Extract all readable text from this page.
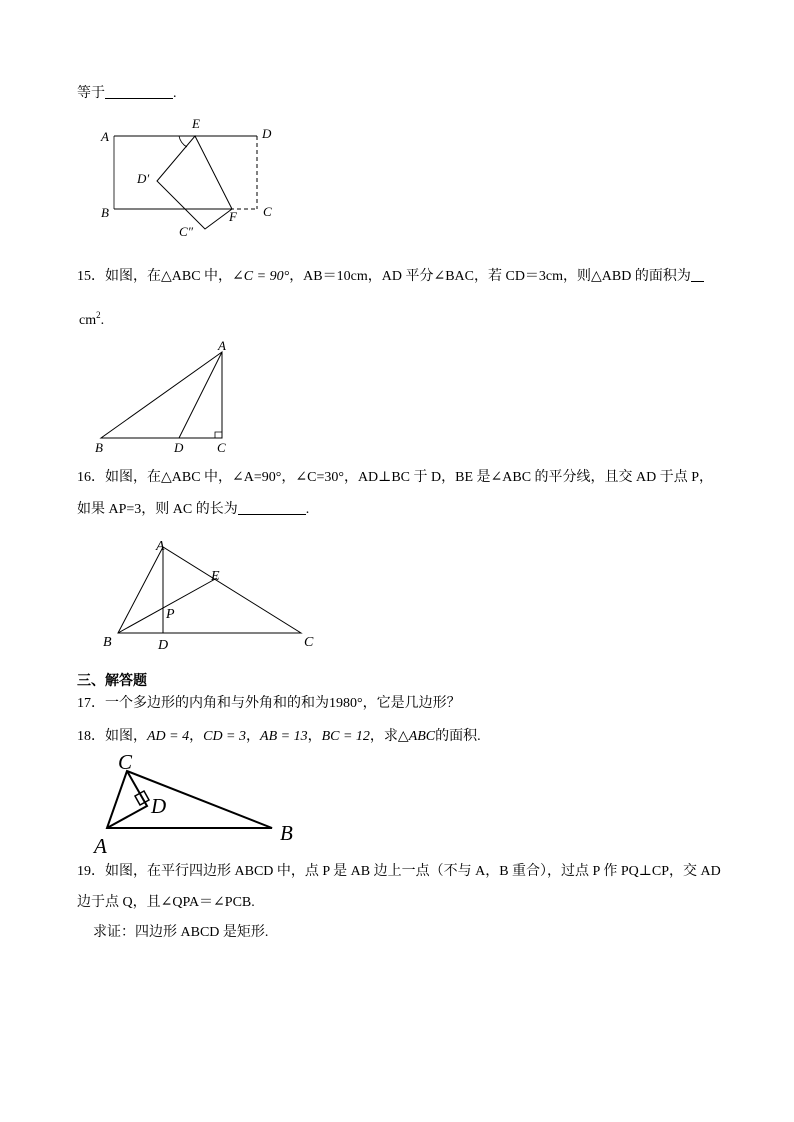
等于	.
A
E
D
D′
B	F C
C″
15．如图，在△ABC 中，∠C = 90°，AB＝10cm，AD 平分∠BAC，若 CD＝3cm，则△ABD 的面积为
$cm^2$.
A
B	D	C
16．如图，在△ABC 中，∠A=90°，∠C=30°，AD⊥BC 于 D，BE 是∠ABC 的平分线，且交 AD 于点 P，
如果 AP=3，则 AC 的长为	.
A
E
P
B	D	C
三、解答题
17．一个多边形的内角和与外角和的和为1980°，它是几边形？
18．如图，AD = 4，CD = 3，AB = 13，BC = 12，求△ABC的面积.
C
D
A
B
19．如图，在平行四边形 ABCD 中，点 P 是 AB 边上一点（不与 A，B 重合），过点 P 作 PQ⊥CP，交 AD
边于点 Q，且∠QPA＝∠PCB.
求证：四边形 ABCD 是矩形.
